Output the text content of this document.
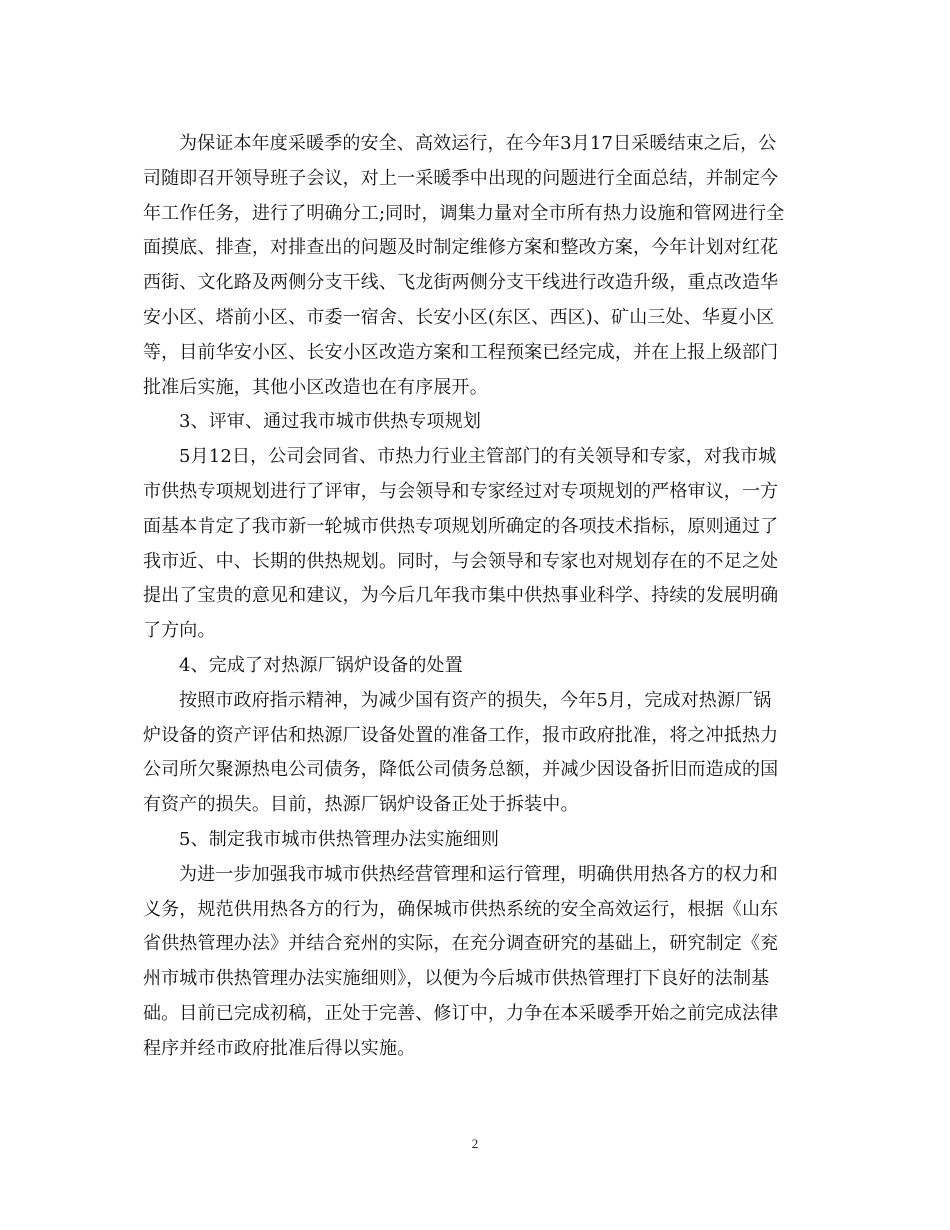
为保证本年度采暖季的安全、高效运行，在今年3月17日采暖结束之后，公
司随即召开领导班子会议，对上一采暖季中出现的问题进行全面总结，并制定今
年工作任务，进行了明确分工;同时，调集力量对全市所有热力设施和管网进行全
面摸底、排查，对排查出的问题及时制定维修方案和整改方案，今年计划对红花
西街、文化路及两侧分支干线、飞龙街两侧分支干线进行改造升级，重点改造华
安小区、塔前小区、市委一宿舍、长安小区(东区、西区)、矿山三处、华夏小区
等，目前华安小区、长安小区改造方案和工程预案已经完成，并在上报上级部门
批准后实施，其他小区改造也在有序展开。
3、评审、通过我市城市供热专项规划
5月12日，公司会同省、市热力行业主管部门的有关领导和专家，对我市城
市供热专项规划进行了评审，与会领导和专家经过对专项规划的严格审议，一方
面基本肯定了我市新一轮城市供热专项规划所确定的各项技术指标，原则通过了
我市近、中、长期的供热规划。同时，与会领导和专家也对规划存在的不足之处
提出了宝贵的意见和建议，为今后几年我市集中供热事业科学、持续的发展明确
了方向。
4、完成了对热源厂锅炉设备的处置
按照市政府指示精神，为减少国有资产的损失，今年5月，完成对热源厂锅
炉设备的资产评估和热源厂设备处置的准备工作，报市政府批准，将之冲抵热力
公司所欠聚源热电公司债务，降低公司债务总额，并减少因设备折旧而造成的国
有资产的损失。目前，热源厂锅炉设备正处于拆装中。
5、制定我市城市供热管理办法实施细则
为进一步加强我市城市供热经营管理和运行管理，明确供用热各方的权力和
义务，规范供用热各方的行为，确保城市供热系统的安全高效运行，根据《山东
省供热管理办法》并结合兖州的实际，在充分调查研究的基础上，研究制定《兖
州市城市供热管理办法实施细则》，以便为今后城市供热管理打下良好的法制基
础。目前已完成初稿，正处于完善、修订中，力争在本采暖季开始之前完成法律
程序并经市政府批准后得以实施。
2
